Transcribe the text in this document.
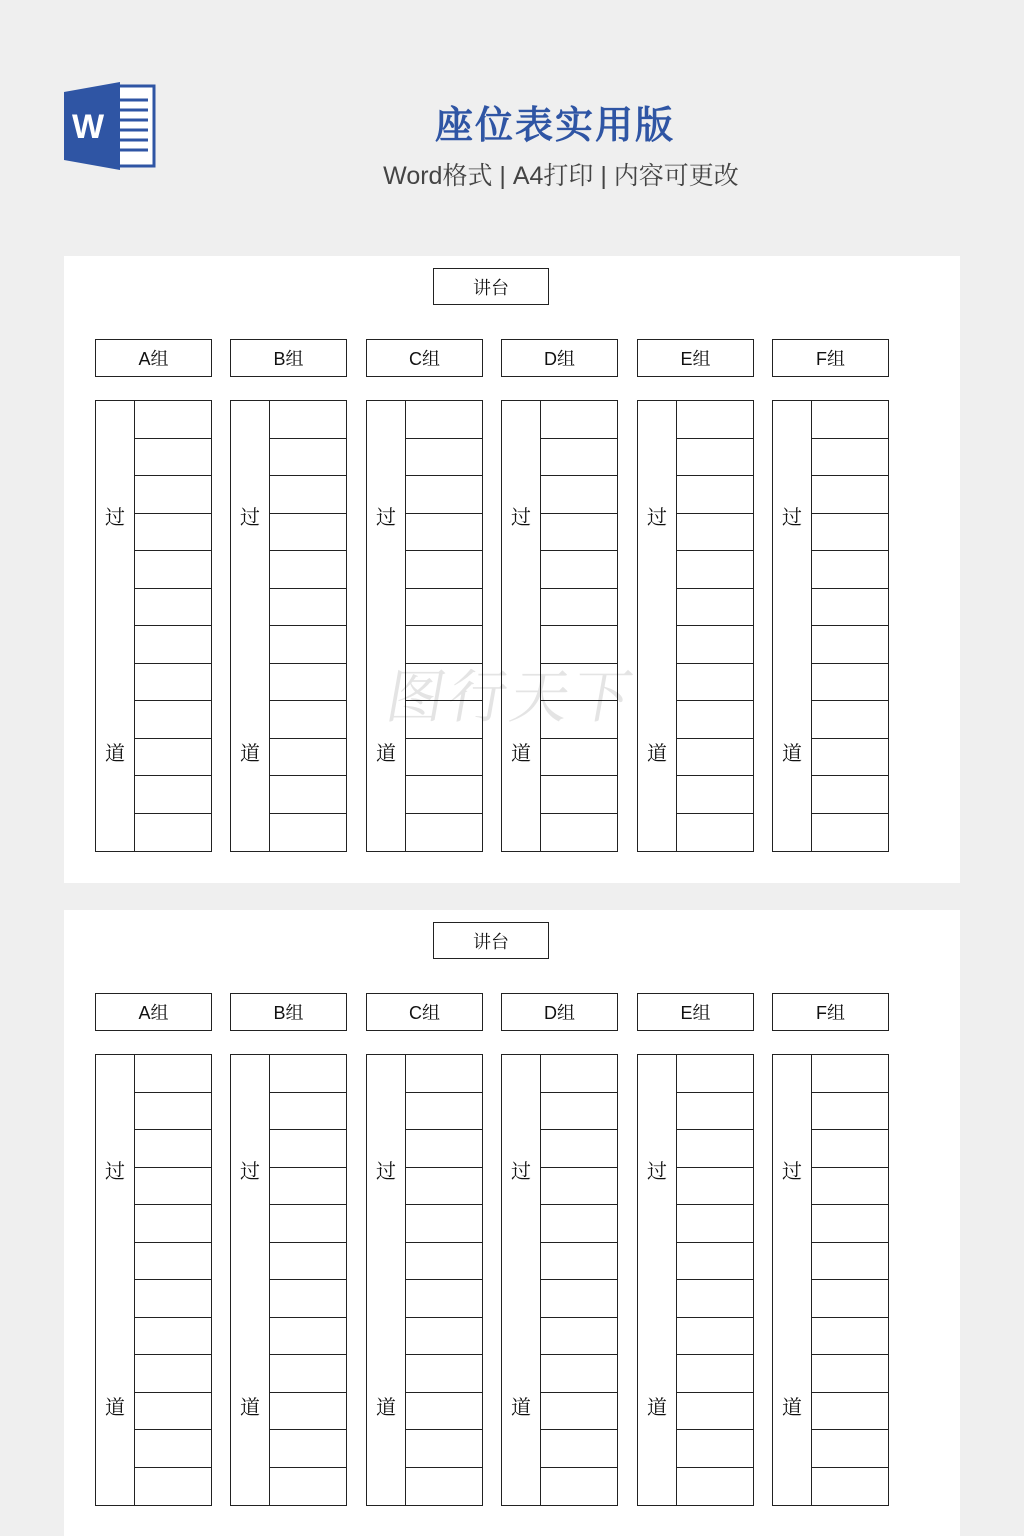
W	座位表实用版
Word格式 | A4打印 | 内容可更改
讲台
A组
过
道
B组
过
道
C组
过
道
D组
过
道
E组
过
道
F组
过
道
讲台
A组
过
道
B组
过
道
C组
过
道
D组
过
道
E组
过
道
F组
过
道
图行天下
